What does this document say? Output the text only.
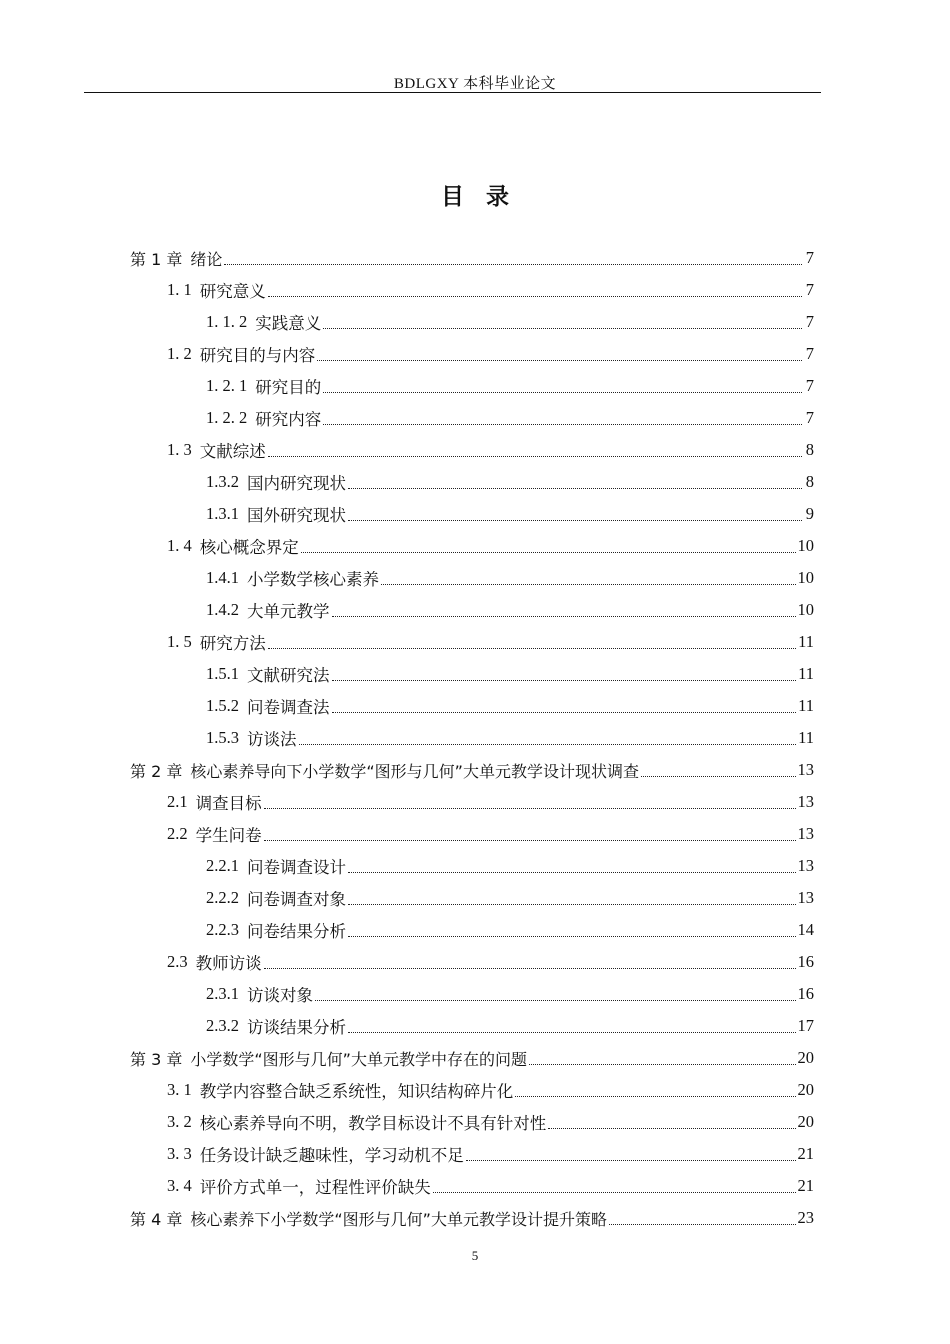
BDLGXY 本科毕业论文
目录
第 1 章 绪论	7
1. 1 研究意义	7
1. 1. 2 实践意义	7
1. 2 研究目的与内容	7
1. 2. 1 研究目的	7
1. 2. 2 研究内容	7
1. 3 文献综述	8
1.3.2 国内研究现状	8
1.3.1 国外研究现状	9
1. 4 核心概念界定	10
1.4.1 小学数学核心素养	10
1.4.2 大单元教学	10
1. 5 研究方法	11
1.5.1 文献研究法	11
1.5.2 问卷调查法	11
1.5.3 访谈法	11
第 2 章 核心素养导向下小学数学“图形与几何”大单元教学设计现状调查	13
2.1 调查目标	13
2.2 学生问卷	13
2.2.1 问卷调查设计	13
2.2.2 问卷调查对象	13
2.2.3 问卷结果分析	14
2.3 教师访谈	16
2.3.1 访谈对象	16
2.3.2 访谈结果分析	17
第 3 章 小学数学“图形与几何”大单元教学中存在的问题	20
3. 1 教学内容整合缺乏系统性，知识结构碎片化	20
3. 2 核心素养导向不明，教学目标设计不具有针对性	20
3. 3 任务设计缺乏趣味性，学习动机不足	21
3. 4 评价方式单一，过程性评价缺失	21
第 4 章 核心素养下小学数学“图形与几何”大单元教学设计提升策略	23
5
